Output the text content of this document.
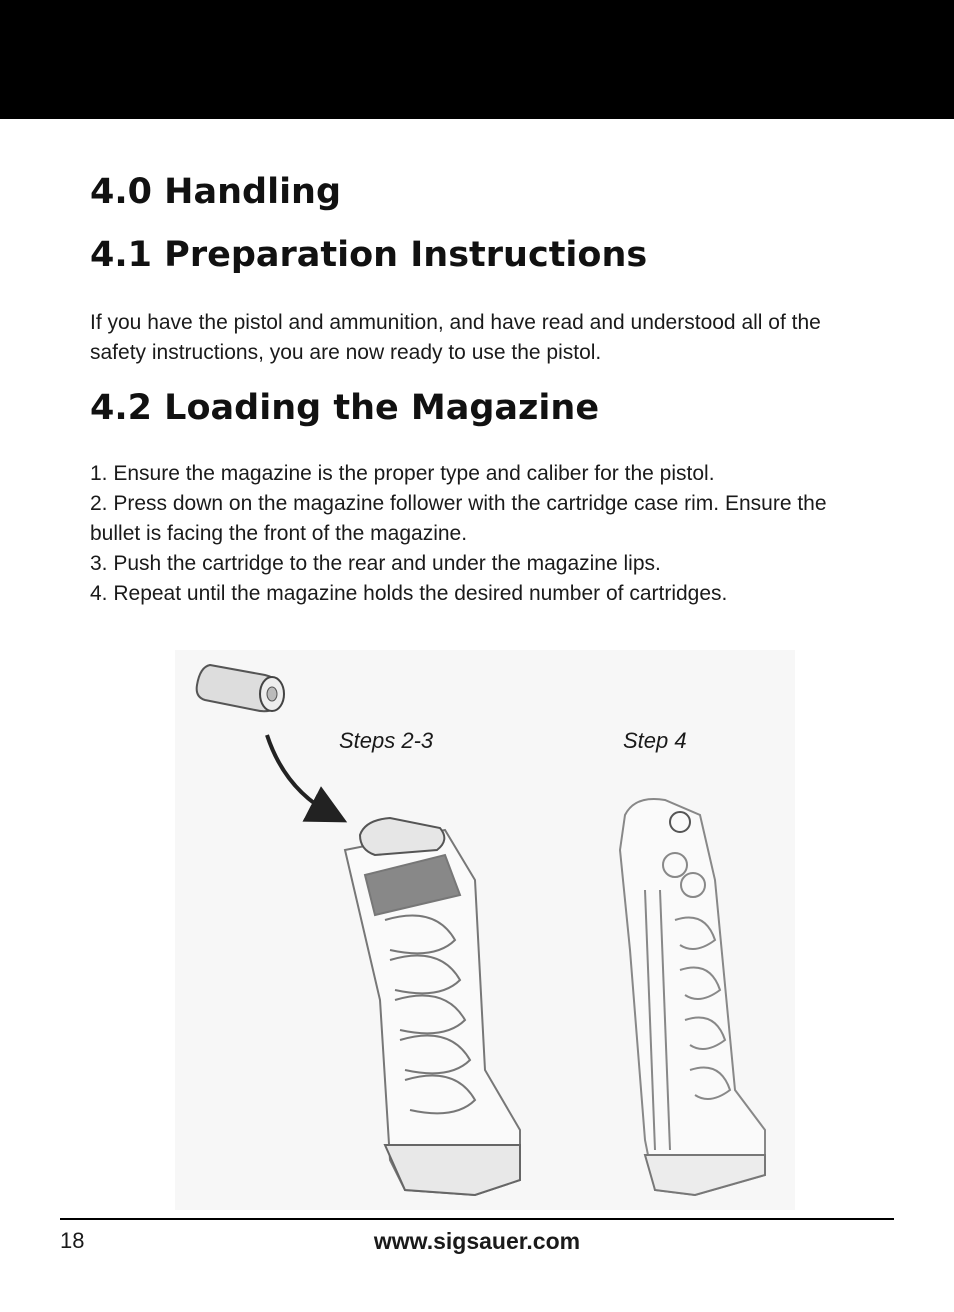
4.0 Handling
4.1 Preparation Instructions

If you have the pistol and ammunition, and have read and understood all of the safety instructions, you are now ready to use the pistol.

4.2 Loading the Magazine
1. Ensure the magazine is the proper type and caliber for the pistol.
2. Press down on the magazine follower with the cartridge case rim. Ensure the bullet is facing the front of the magazine.
3. Push the cartridge to the rear and under the magazine lips.
4. Repeat until the magazine holds the desired number of cartridges.
Steps 2-3	Step 4
18	www.sigsauer.com
